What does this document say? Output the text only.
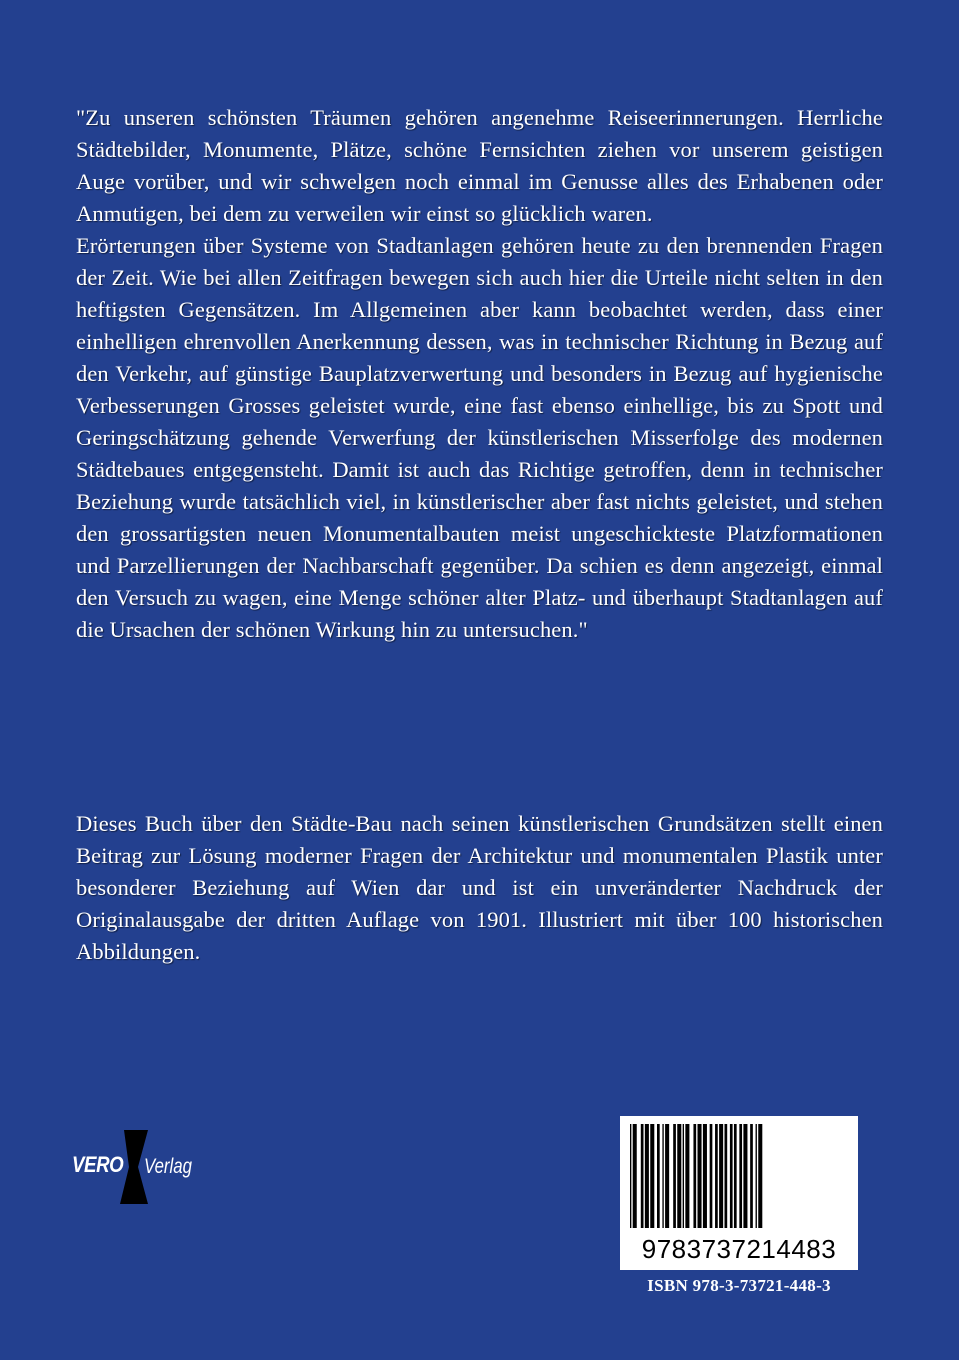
"Zu unseren schönsten Träumen gehören angenehme Reiseerinnerungen. Herrliche Städtebilder, Monumente, Plätze, schöne Fernsichten ziehen vor unserem geistigen Auge vorüber, und wir schwelgen noch einmal im Genusse alles des Erhabenen oder Anmutigen, bei dem zu verweilen wir einst so glücklich waren.

Erörterungen über Systeme von Stadtanlagen gehören heute zu den brennenden Fragen der Zeit. Wie bei allen Zeitfragen bewegen sich auch hier die Urteile nicht selten in den heftigsten Gegensätzen. Im Allgemeinen aber kann beobachtet werden, dass einer einhelligen ehrenvollen Anerkennung dessen, was in technischer Richtung in Bezug auf den Verkehr, auf günstige Bauplatzverwertung und besonders in Bezug auf hygienische Verbesserungen Grosses geleistet wurde, eine fast ebenso einhellige, bis zu Spott und Geringschätzung gehende Verwerfung der künstlerischen Misserfolge des modernen Städtebaues entgegensteht. Damit ist auch das Richtige getroffen, denn in technischer Beziehung wurde tatsächlich viel, in künstlerischer aber fast nichts geleistet, und stehen den grossartigsten neuen Monumentalbauten meist ungeschickteste Platzformationen und Parzellierungen der Nachbarschaft gegenüber. Da schien es denn angezeigt, einmal den Versuch zu wagen, eine Menge schöner alter Platz- und überhaupt Stadtanlagen auf die Ursachen der schönen Wirkung hin zu untersuchen."

Dieses Buch über den Städte-Bau nach seinen künstlerischen Grundsätzen stellt einen Beitrag zur Lösung moderner Fragen der Architektur und monumentalen Plastik unter besonderer Beziehung auf Wien dar und ist ein unveränderter Nachdruck der Originalausgabe der dritten Auflage von 1901. Illustriert mit über 100 historischen Abbildungen.

VERO Verlag
9783737214483
ISBN 978-3-73721-448-3
